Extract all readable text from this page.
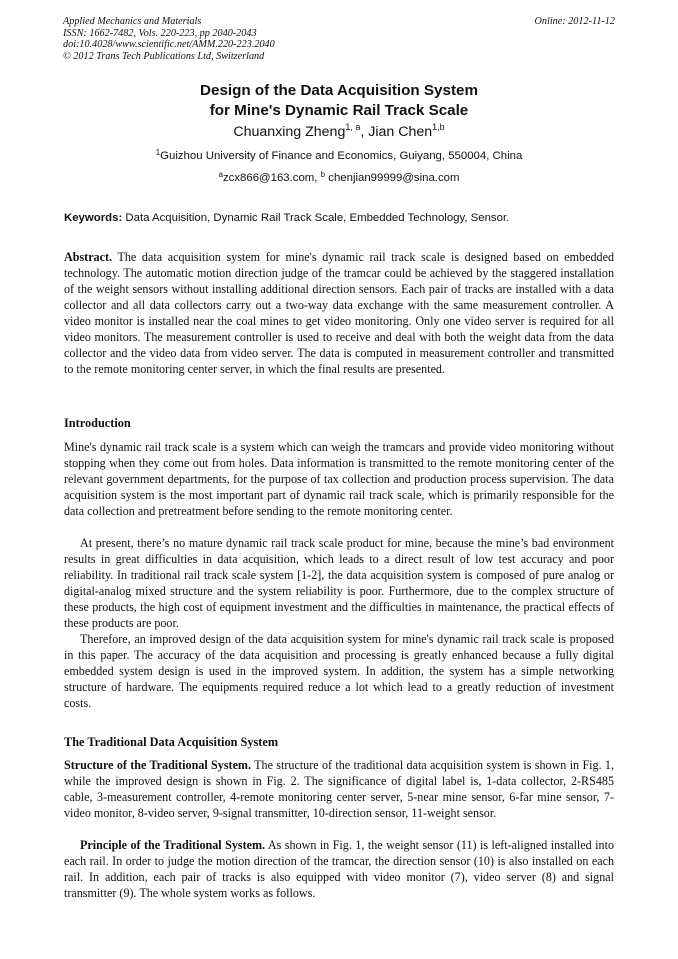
Applied Mechanics and Materials
ISSN: 1662-7482, Vols. 220-223, pp 2040-2043
doi:10.4028/www.scientific.net/AMM.220-223.2040
© 2012 Trans Tech Publications Ltd, Switzerland
Online: 2012-11-12
Design of the Data Acquisition System
for Mine's Dynamic Rail Track Scale
Chuanxing Zheng$^{1, a}$, Jian Chen$^{1,b}$
$^1$Guizhou University of Finance and Economics, Guiyang, 550004, China
$^a$zcx866@163.com, $^b$ chenjian99999@sina.com
Keywords: Data Acquisition, Dynamic Rail Track Scale, Embedded Technology, Sensor.
Abstract. The data acquisition system for mine's dynamic rail track scale is designed based on embedded technology. The automatic motion direction judge of the tramcar could be achieved by the staggered installation of the weight sensors without installing additional direction sensors. Each pair of tracks are installed with a data collector and all data collectors carry out a two-way data exchange with the same measurement controller. A video monitor is installed near the coal mines to get video monitoring. Only one video server is required for all video monitors. The measurement controller is used to receive and deal with both the weight data from the data collector and the video data from video server. The data is computed in measurement controller and transmitted to the remote monitoring center server, in which the final results are presented.
Introduction
Mine's dynamic rail track scale is a system which can weigh the tramcars and provide video monitoring without stopping when they come out from holes. Data information is transmitted to the remote monitoring center of the relevant government departments, for the purpose of tax collection and production process supervision. The data acquisition system is the most important part of dynamic rail track scale, which is primarily responsible for the data collection and pretreatment before sending to the remote monitoring center.
At present, there’s no mature dynamic rail track scale product for mine, because the mine’s bad environment results in great difficulties in data acquisition, which leads to a direct result of low test accuracy and poor reliability. In traditional rail track scale system [1-2], the data acquisition system is composed of pure analog or digital-analog mixed structure and the system reliability is poor. Furthermore, due to the complex structure of these products, the high cost of equipment investment and the difficulties in maintenance, the practical effects of these products are poor.
Therefore, an improved design of the data acquisition system for mine's dynamic rail track scale is proposed in this paper. The accuracy of the data acquisition and processing is greatly enhanced because a fully digital embedded system design is used in the improved system. In addition, the system has a simple networking structure of hardware. The equipments required reduce a lot which lead to a greatly reduction of investment costs.
The Traditional Data Acquisition System
Structure of the Traditional System. The structure of the traditional data acquisition system is shown in Fig. 1, while the improved design is shown in Fig. 2. The significance of digital label is, 1-data collector, 2-RS485 cable, 3-measurement controller, 4-remote monitoring center server, 5-near mine sensor, 6-far mine sensor, 7-video monitor, 8-video server, 9-signal transmitter, 10-direction sensor, 11-weight sensor.
Principle of the Traditional System. As shown in Fig. 1, the weight sensor (11) is left-aligned installed into each rail. In order to judge the motion direction of the tramcar, the direction sensor (10) is also installed on each rail. In addition, each pair of tracks is also equipped with video monitor (7), video server (8) and signal transmitter (9). The whole system works as follows.
